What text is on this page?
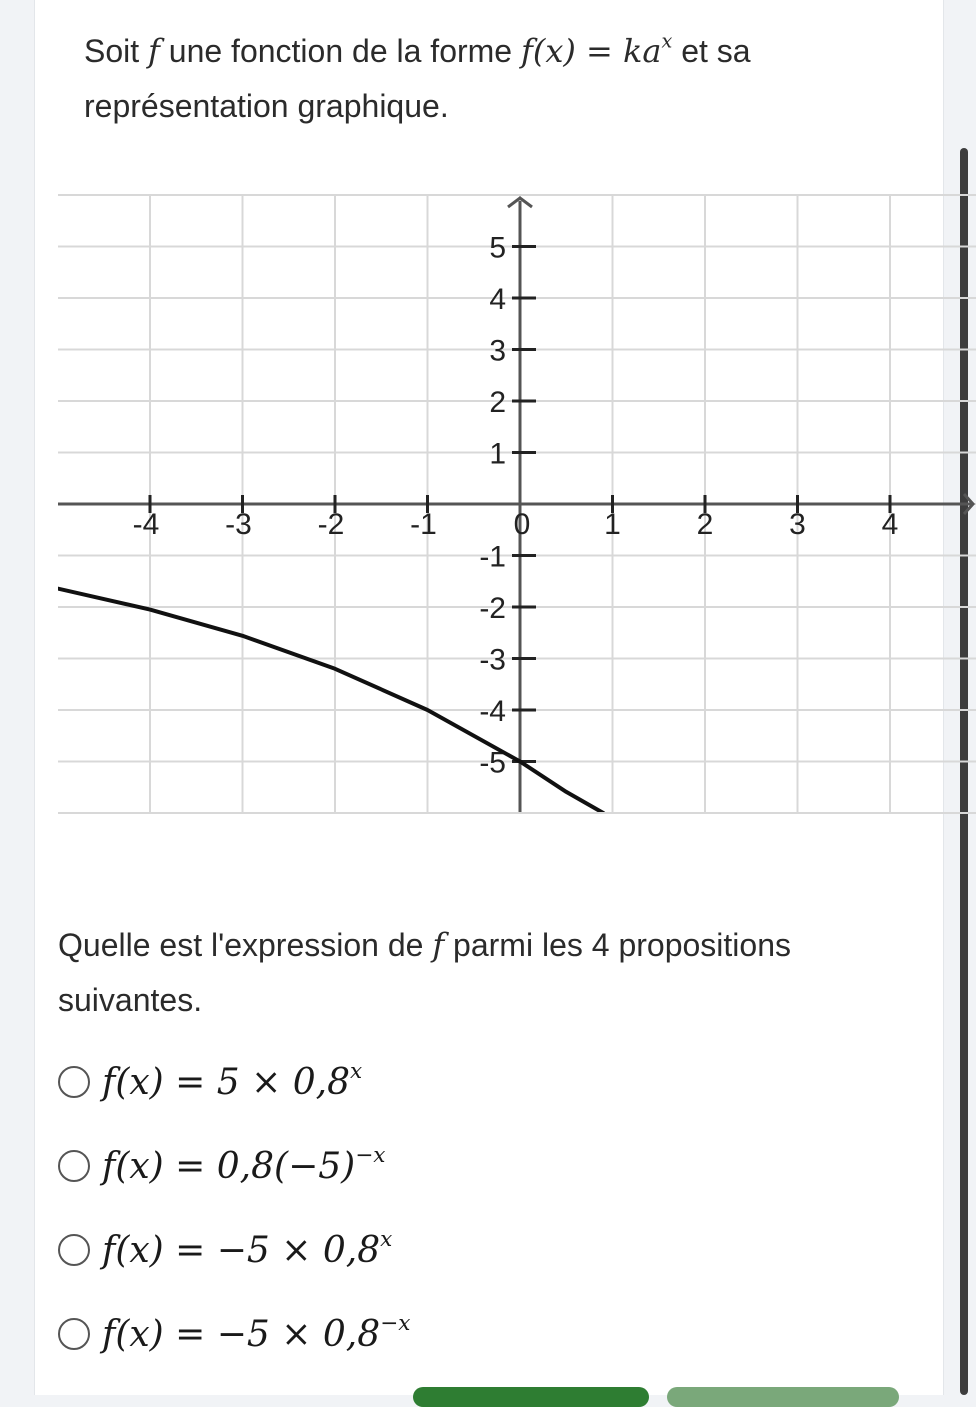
Soit f une fonction de la forme $f(x) = ka^x$ et sa représentation graphique.
-4 -3 -2 -1	1	2	3	4
5
4
3
2
1
-1
-2
-3
-4
-5
0
Quelle est l'expression de f parmi les 4 propositions suivantes.
$f(x) = 5 \times 0,8^x$
$f(x) = 0,8(-5)^{-x}$
$f(x) = -5 \times 0,8^x$
$f(x) = -5 \times 0,8^{-x}$
